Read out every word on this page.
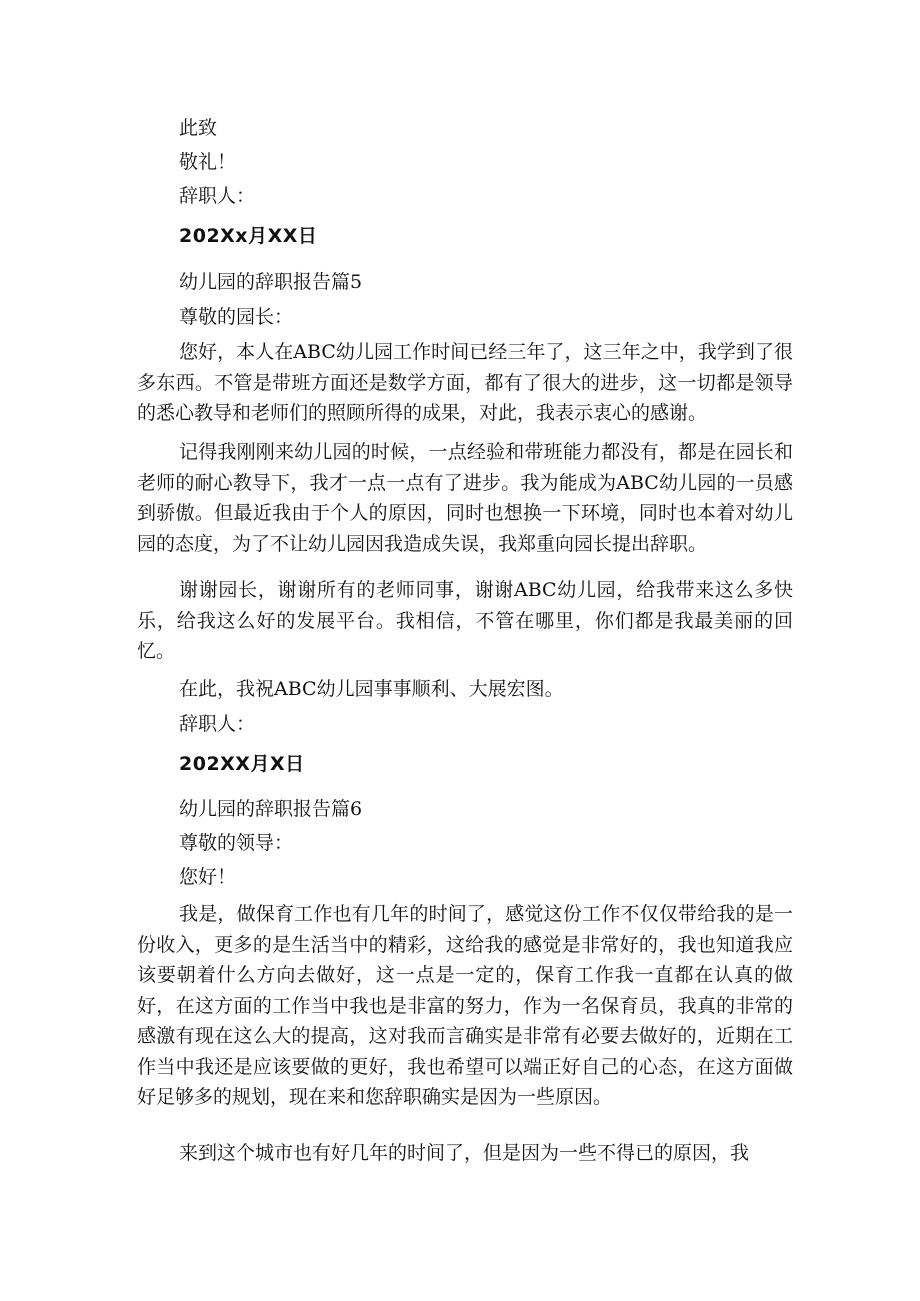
此致
敬礼！
辞职人：
202Xx月XX日
幼儿园的辞职报告篇5
尊敬的园长：

您好，本人在ABC幼儿园工作时间已经三年了，这三年之中，我学到了很多东西。不管是带班方面还是数学方面，都有了很大的进步，这一切都是领导的悉心教导和老师们的照顾所得的成果，对此，我表示衷心的感谢。

记得我刚刚来幼儿园的时候，一点经验和带班能力都没有，都是在园长和老师的耐心教导下，我才一点一点有了进步。我为能成为ABC幼儿园的一员感到骄傲。但最近我由于个人的原因，同时也想换一下环境，同时也本着对幼儿园的态度，为了不让幼儿园因我造成失误，我郑重向园长提出辞职。

谢谢园长，谢谢所有的老师同事，谢谢ABC幼儿园，给我带来这么多快乐，给我这么好的发展平台。我相信，不管在哪里，你们都是我最美丽的回忆。

在此，我祝ABC幼儿园事事顺利、大展宏图。
辞职人：
202XX月X日
幼儿园的辞职报告篇6
尊敬的领导：
您好！

我是，做保育工作也有几年的时间了，感觉这份工作不仅仅带给我的是一份收入，更多的是生活当中的精彩，这给我的感觉是非常好的，我也知道我应该要朝着什么方向去做好，这一点是一定的，保育工作我一直都在认真的做好，在这方面的工作当中我也是非富的努力，作为一名保育员，我真的非常的感激有现在这么大的提高，这对我而言确实是非常有必要去做好的，近期在工作当中我还是应该要做的更好，我也希望可以端正好自己的心态，在这方面做好足够多的规划，现在来和您辞职确实是因为一些原因。

来到这个城市也有好几年的时间了，但是因为一些不得已的原因，我
